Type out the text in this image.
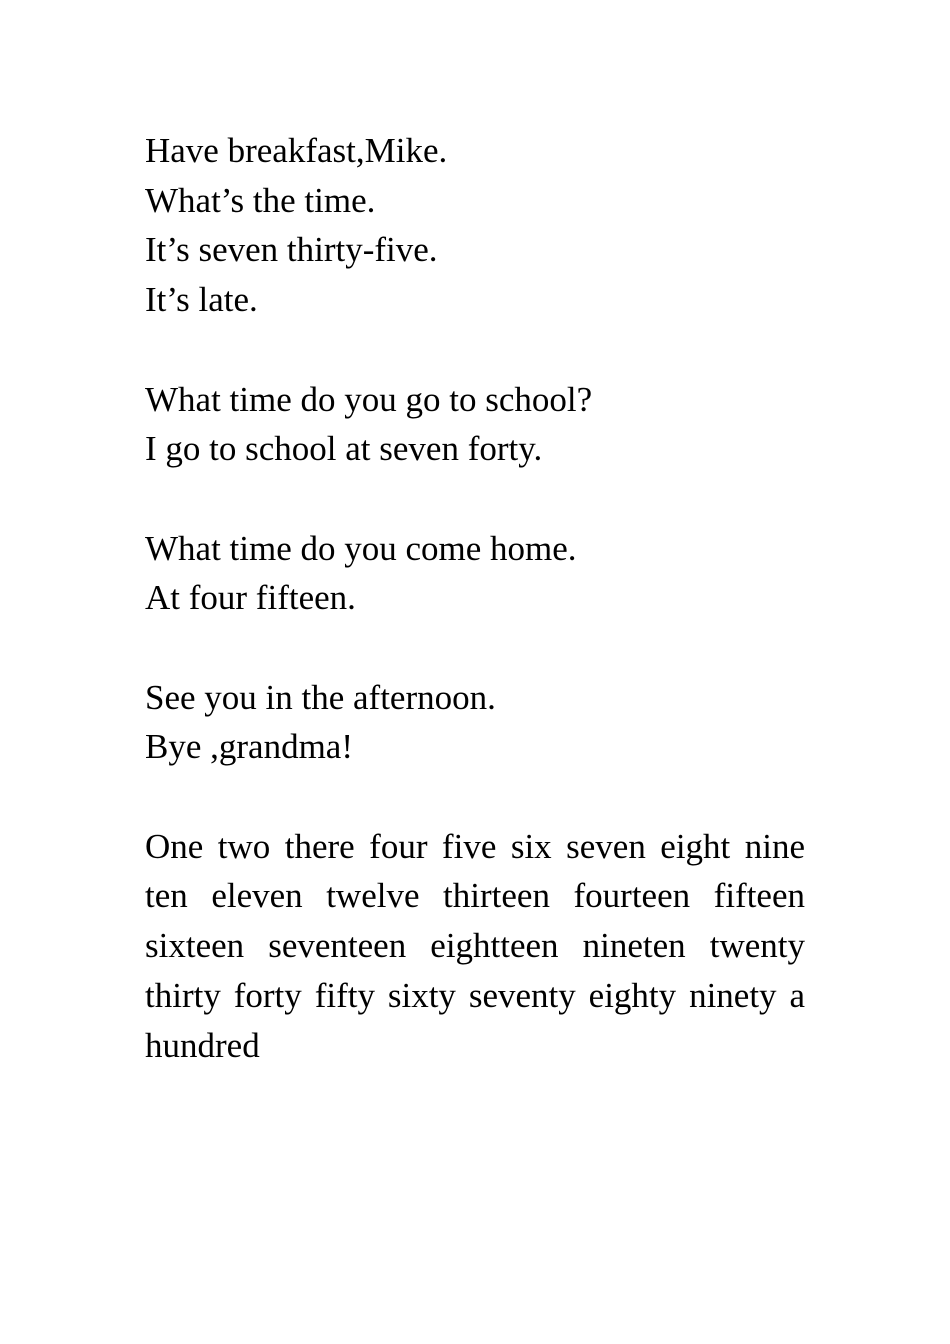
Have breakfast,Mike.
What’s the time.
It’s seven thirty-five.
It’s late.
What time do you go to school?
I go to school at seven forty.
What time do you come home.
At four fifteen.
See you in the afternoon.
Bye ,grandma!

One two there four five six seven eight nine ten eleven twelve thirteen fourteen fifteen sixteen seventeen eightteen nineten twenty thirty forty fifty sixty seventy eighty ninety a hundred
